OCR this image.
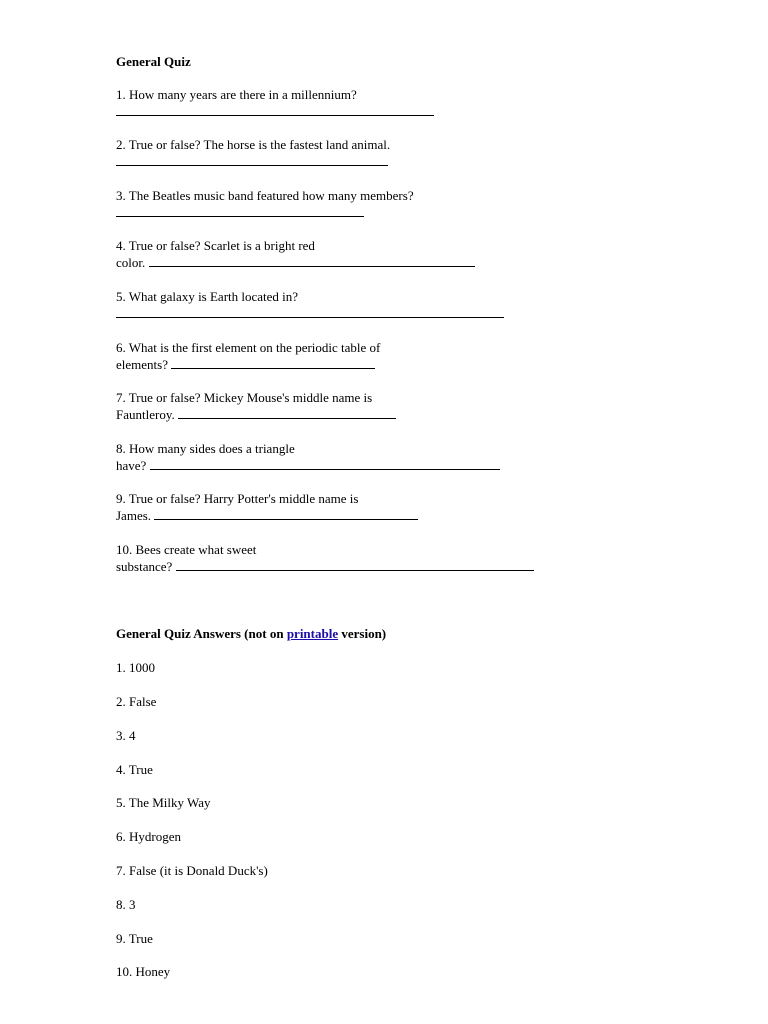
General Quiz
1. How many years are there in a millennium?
2. True or false? The horse is the fastest land animal.
3. The Beatles music band featured how many members?
4. True or false? Scarlet is a bright red
color.
5. What galaxy is Earth located in?
6. What is the first element on the periodic table of
elements?
7. True or false? Mickey Mouse's middle name is
Fauntleroy.
8. How many sides does a triangle
have?
9. True or false? Harry Potter's middle name is
James.
10. Bees create what sweet
substance?
General Quiz Answers (not on printable version)
1. 1000
2. False
3. 4
4. True
5. The Milky Way
6. Hydrogen
7. False (it is Donald Duck's)
8. 3
9. True
10. Honey
